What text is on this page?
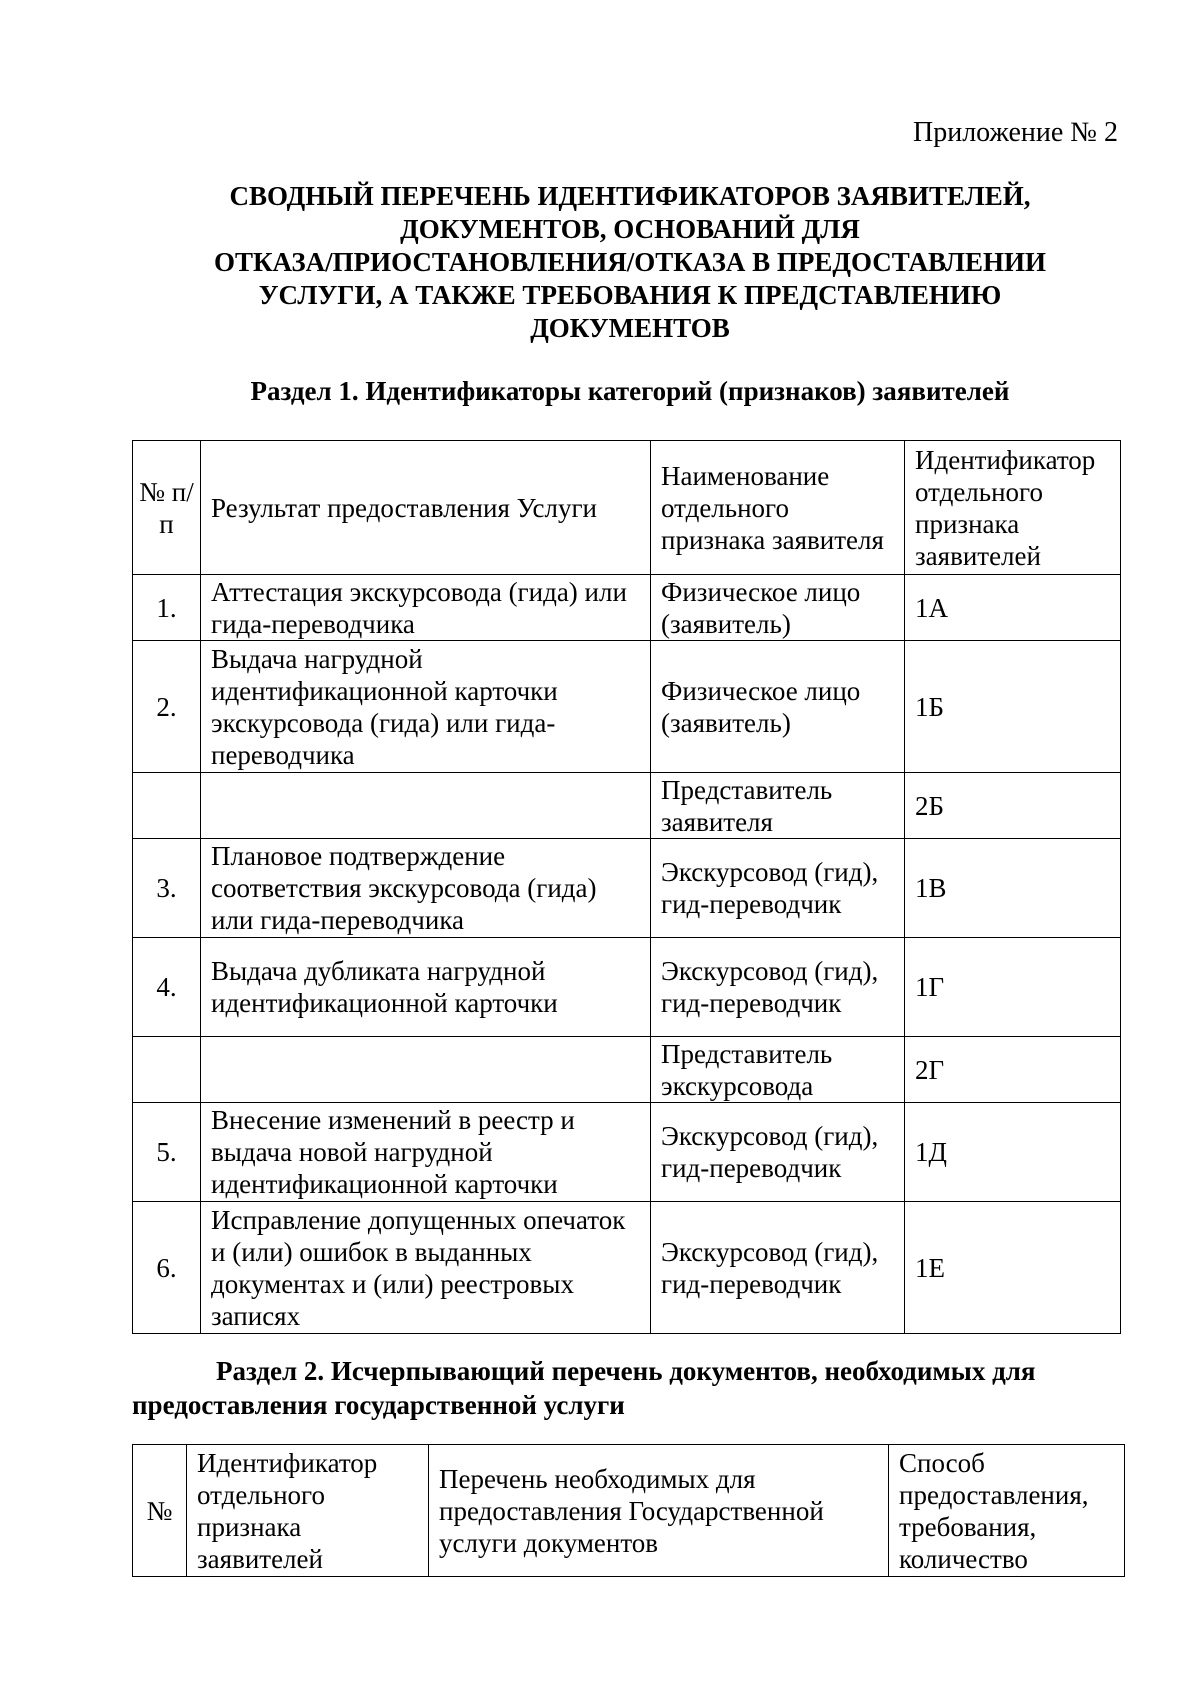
Приложение № 2
СВОДНЫЙ ПЕРЕЧЕНЬ ИДЕНТИФИКАТОРОВ ЗАЯВИТЕЛЕЙ,
ДОКУМЕНТОВ, ОСНОВАНИЙ ДЛЯ
ОТКАЗА/ПРИОСТАНОВЛЕНИЯ/ОТКАЗА В ПРЕДОСТАВЛЕНИИ
УСЛУГИ, А ТАКЖЕ ТРЕБОВАНИЯ К ПРЕДСТАВЛЕНИЮ
ДОКУМЕНТОВ
Раздел 1. Идентификаторы категорий (признаков) заявителей
№ п/п	Результат предоставления Услуги	Наименование отдельного признака заявителя	Идентификатор отдельного признака заявителей
1.	Аттестация экскурсовода (гида) или гида-переводчика	Физическое лицо (заявитель)	1А
2.	Выдача нагрудной идентификационной карточки экскурсовода (гида) или гида-переводчика	Физическое лицо (заявитель)	1Б
		Представитель заявителя	2Б
3.	Плановое подтверждение соответствия экскурсовода (гида) или гида-переводчика	Экскурсовод (гид), гид-переводчик	1В
4.	Выдача дубликата нагрудной идентификационной карточки	Экскурсовод (гид), гид-переводчик	1Г
		Представитель экскурсовода	2Г
5.	Внесение изменений в реестр и выдача новой нагрудной идентификационной карточки	Экскурсовод (гид), гид-переводчик	1Д
6.	Исправление допущенных опечаток и (или) ошибок в выданных документах и (или) реестровых записях	Экскурсовод (гид), гид-переводчик	1Е
Раздел 2. Исчерпывающий перечень документов, необходимых для
предоставления государственной услуги
№	Идентификатор отдельного признака заявителей	Перечень необходимых для предоставления Государственной услуги документов	Способ предоставления, требования, количество
